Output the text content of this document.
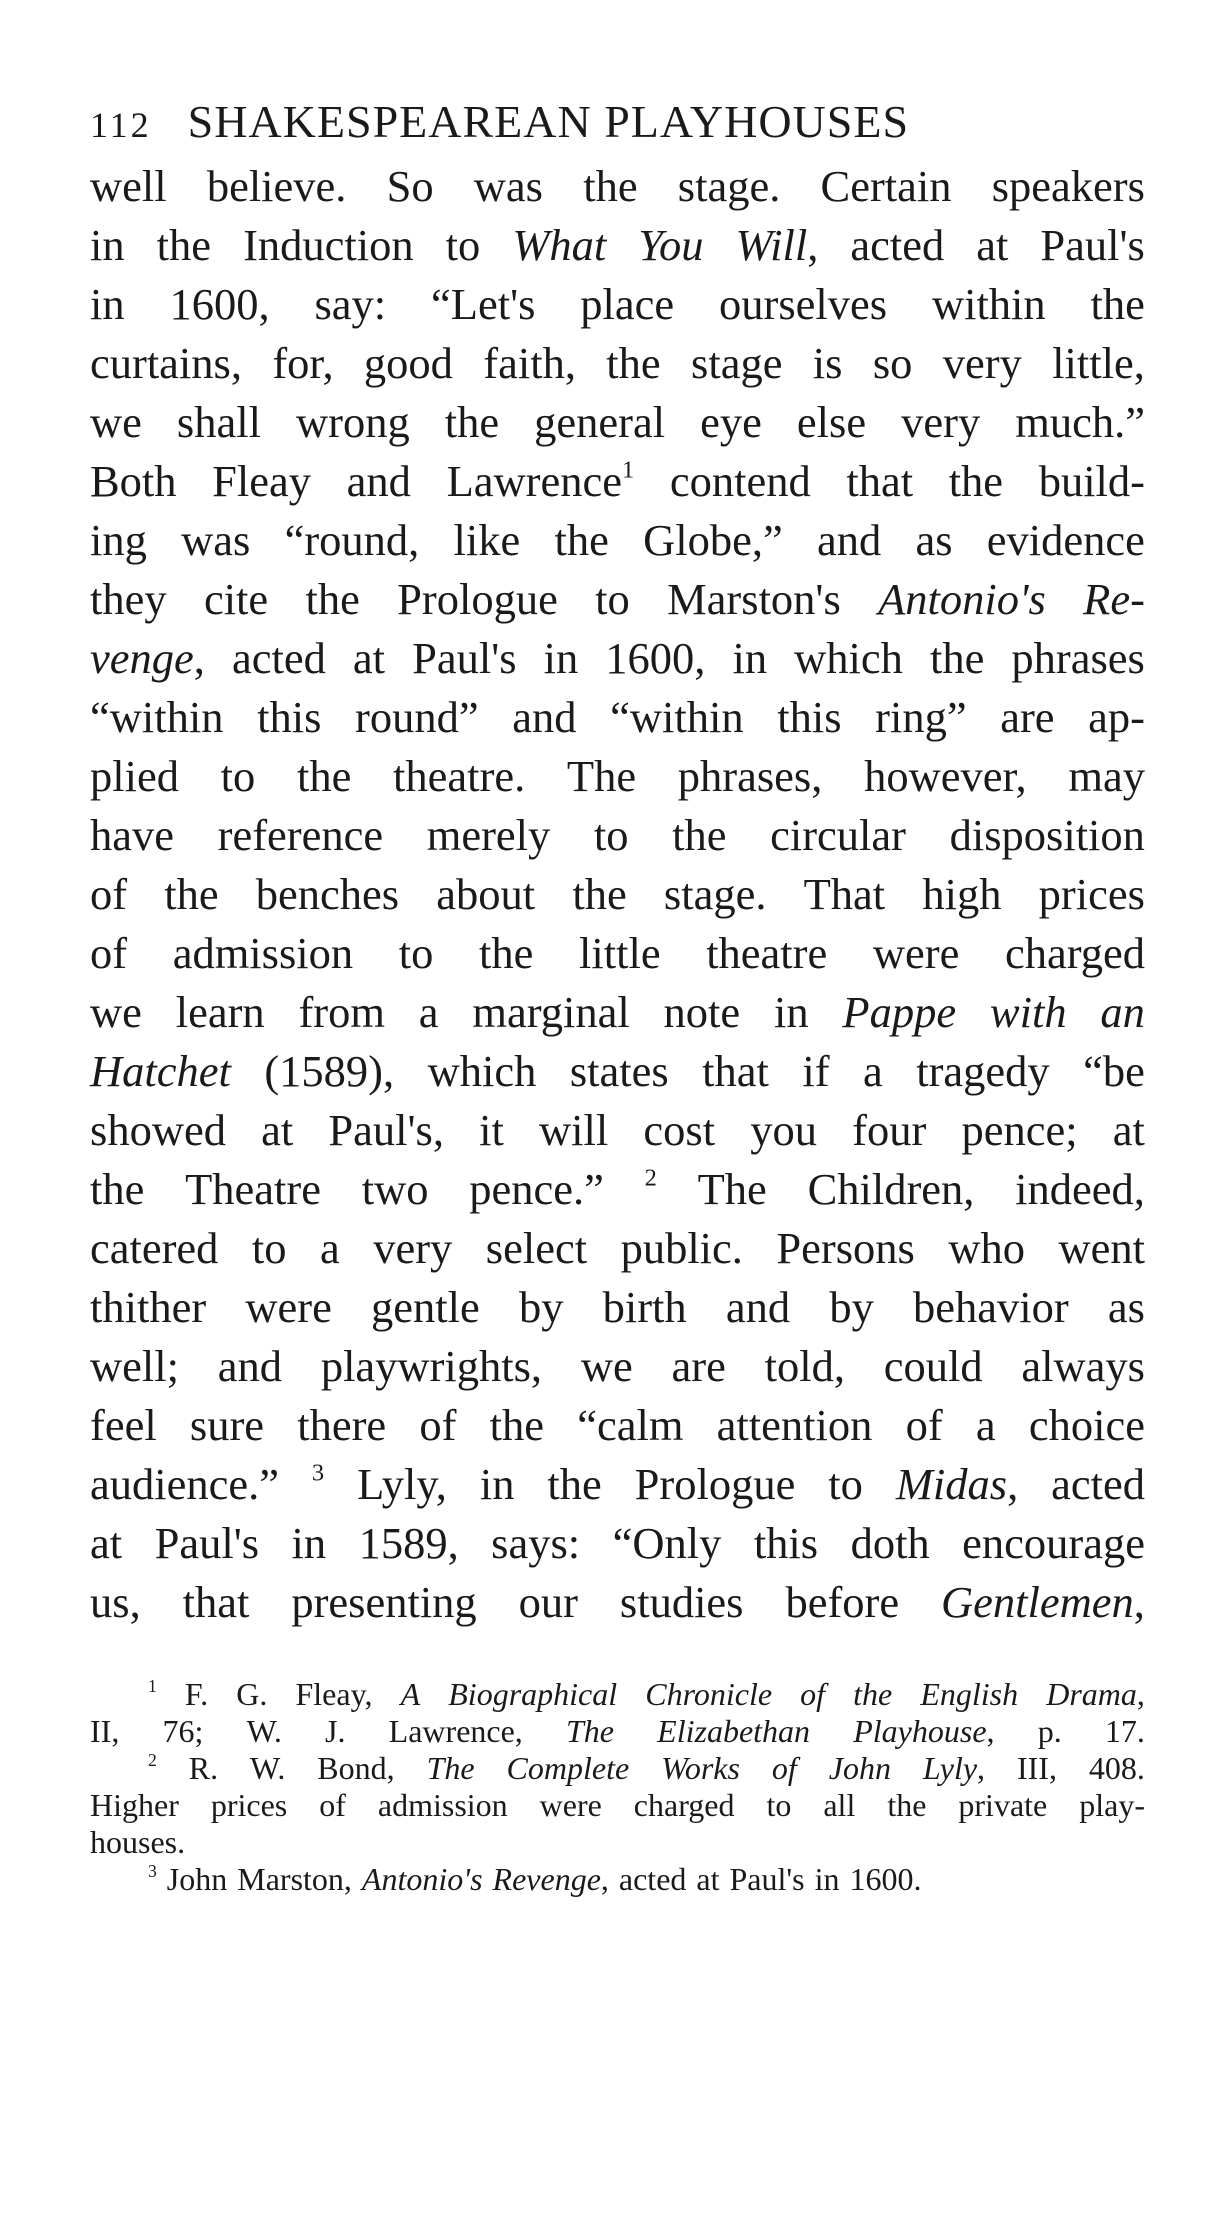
112 SHAKESPEAREAN PLAYHOUSES
well believe. So was the stage. Certain speakers
in the Induction to What You Will, acted at Paul's
in 1600, say: “Let's place ourselves within the
curtains, for, good faith, the stage is so very little,
we shall wrong the general eye else very much.”
Both Fleay and Lawrence$^1$ contend that the build-
ing was “round, like the Globe,” and as evidence
they cite the Prologue to Marston's Antonio's Re-
venge, acted at Paul's in 1600, in which the phrases
“within this round” and “within this ring” are ap-
plied to the theatre. The phrases, however, may
have reference merely to the circular disposition
of the benches about the stage. That high prices
of admission to the little theatre were charged
we learn from a marginal note in Pappe with an
Hatchet (1589), which states that if a tragedy “be
showed at Paul's, it will cost you four pence; at
the Theatre two pence.” $^2$ The Children, indeed,
catered to a very select public. Persons who went
thither were gentle by birth and by behavior as
well; and playwrights, we are told, could always
feel sure there of the “calm attention of a choice
audience.” $^3$ Lyly, in the Prologue to Midas, acted
at Paul's in 1589, says: “Only this doth encourage
us, that presenting our studies before Gentlemen,
$^1$ F. G. Fleay, A Biographical Chronicle of the English Drama,
II, 76; W. J. Lawrence, The Elizabethan Playhouse, p. 17.
$^2$ R. W. Bond, The Complete Works of John Lyly, III, 408.
Higher prices of admission were charged to all the private play-
houses.
$^3$ John Marston, Antonio's Revenge, acted at Paul's in 1600.
